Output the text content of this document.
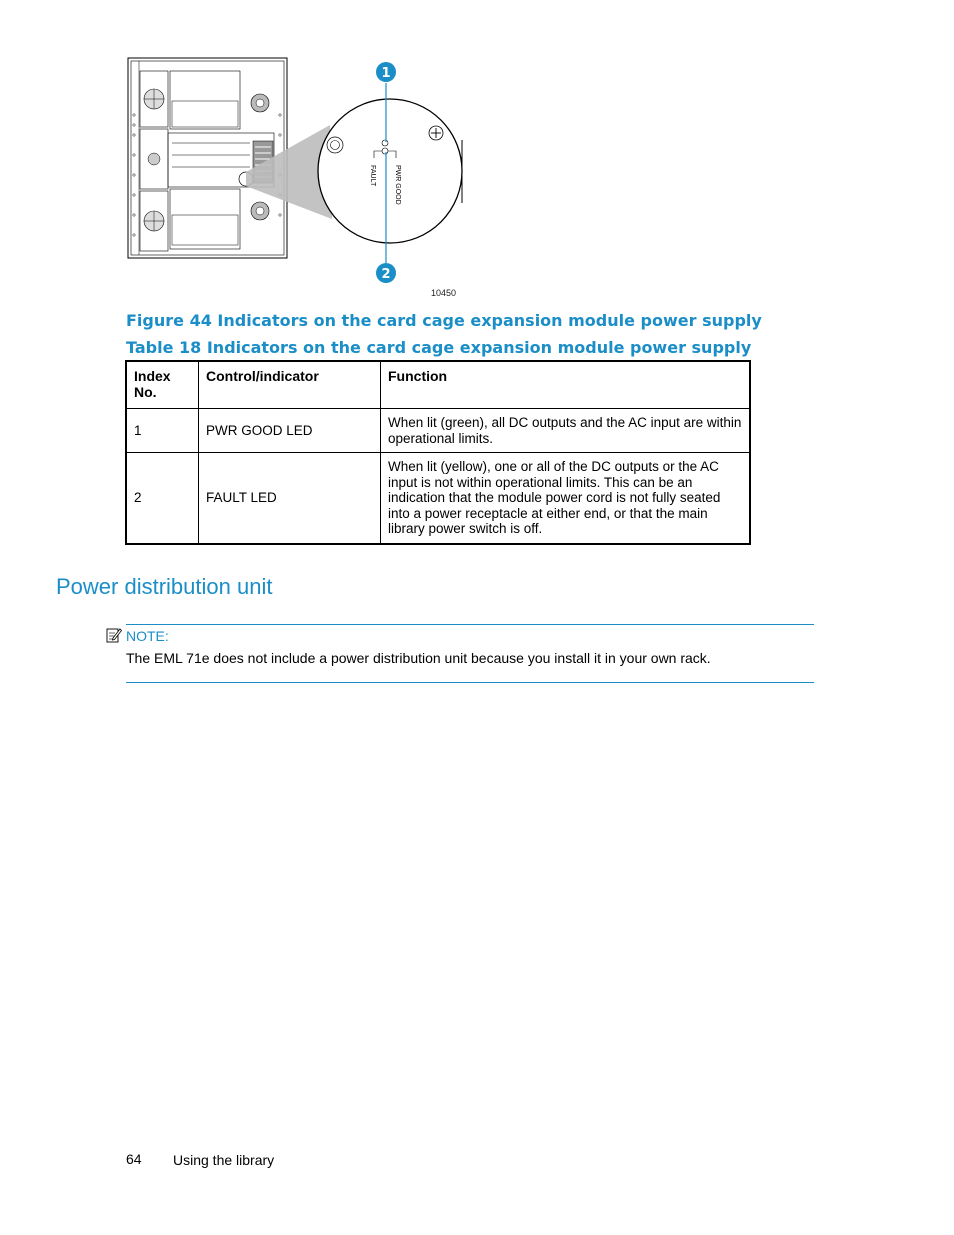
FAULT	PWR GOOD
1
2
10450
Figure 44 Indicators on the card cage expansion module power supply
Table 18 Indicators on the card cage expansion module power supply
Index No.	Control/indicator	Function
1	PWR GOOD LED	When lit (green), all DC outputs and the AC input are within operational limits.
2	FAULT LED	When lit (yellow), one or all of the DC outputs or the AC input is not within operational limits. This can be an indication that the module power cord is not fully seated into a power receptacle at either end, or that the main library power switch is off.
Power distribution unit
NOTE:
The EML 71e does not include a power distribution unit because you install it in your own rack.
64 Using the library
